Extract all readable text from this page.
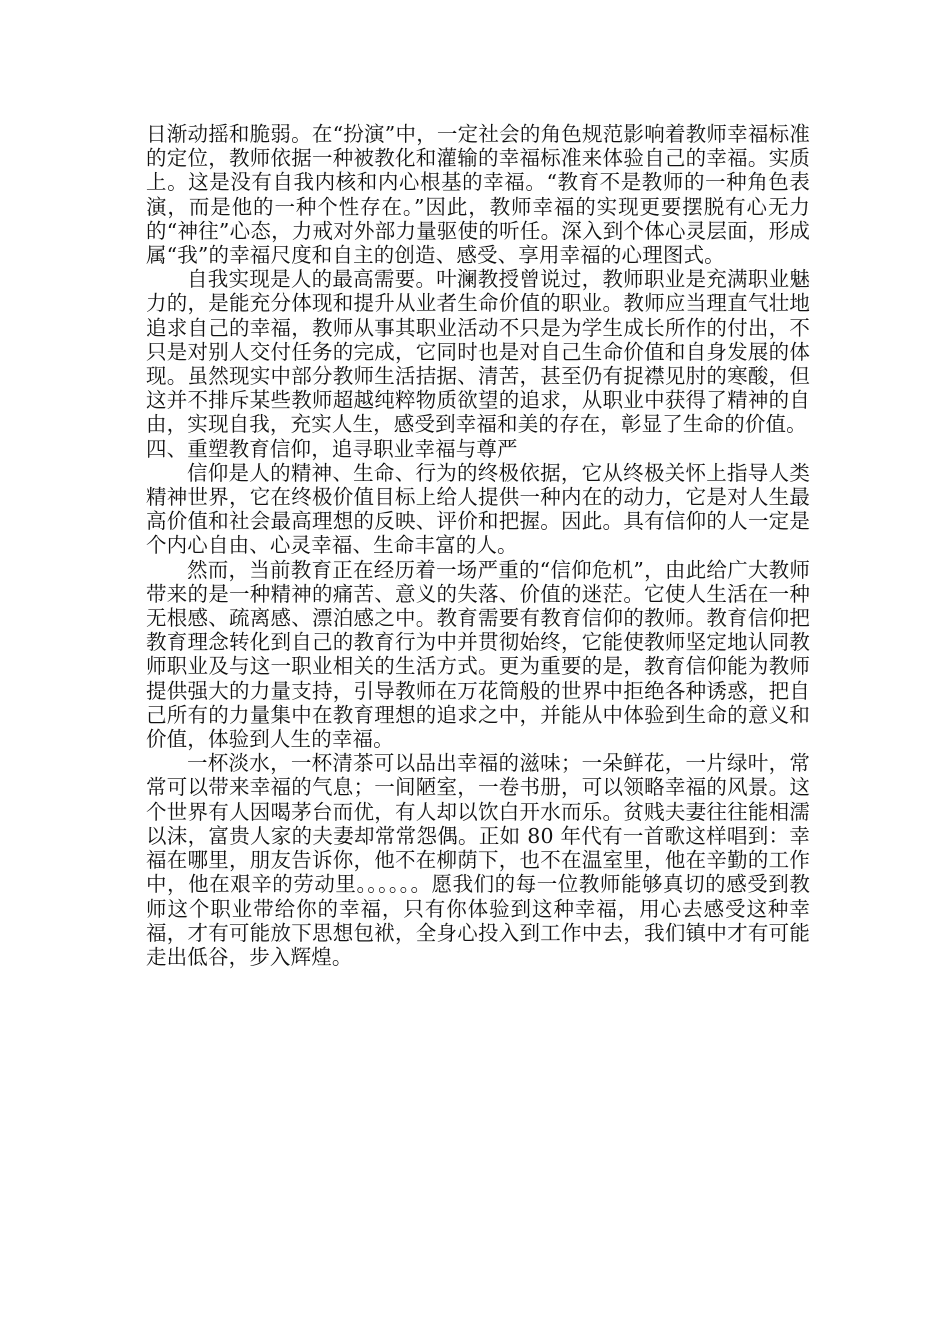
日渐动摇和脆弱。在“扮演”中，一定社会的角色规范影响着教师幸福标准的定位，教师依据一种被教化和灌输的幸福标准来体验自己的幸福。实质上。这是没有自我内核和内心根基的幸福。“教育不是教师的一种角色表演，而是他的一种个性存在。”因此，教师幸福的实现更要摆脱有心无力的“神往”心态，力戒对外部力量驱使的听任。深入到个体心灵层面，形成属“我”的幸福尺度和自主的创造、感受、享用幸福的心理图式。

自我实现是人的最高需要。叶澜教授曾说过，教师职业是充满职业魅力的，是能充分体现和提升从业者生命价值的职业。教师应当理直气壮地追求自己的幸福，教师从事其职业活动不只是为学生成长所作的付出，不只是对别人交付任务的完成，它同时也是对自己生命价值和自身发展的体现。虽然现实中部分教师生活拮据、清苦，甚至仍有捉襟见肘的寒酸，但这并不排斥某些教师超越纯粹物质欲望的追求，从职业中获得了精神的自由，实现自我，充实人生，感受到幸福和美的存在，彰显了生命的价值。

四、重塑教育信仰，追寻职业幸福与尊严

信仰是人的精神、生命、行为的终极依据，它从终极关怀上指导人类精神世界，它在终极价值目标上给人提供一种内在的动力，它是对人生最高价值和社会最高理想的反映、评价和把握。因此。具有信仰的人一定是个内心自由、心灵幸福、生命丰富的人。

然而，当前教育正在经历着一场严重的“信仰危机”，由此给广大教师带来的是一种精神的痛苦、意义的失落、价值的迷茫。它使人生活在一种无根感、疏离感、漂泊感之中。教育需要有教育信仰的教师。教育信仰把教育理念转化到自己的教育行为中并贯彻始终，它能使教师坚定地认同教师职业及与这一职业相关的生活方式。更为重要的是，教育信仰能为教师提供强大的力量支持，引导教师在万花筒般的世界中拒绝各种诱惑，把自己所有的力量集中在教育理想的追求之中，并能从中体验到生命的意义和价值，体验到人生的幸福。

一杯淡水，一杯清茶可以品出幸福的滋味；一朵鲜花，一片绿叶，常常可以带来幸福的气息；一间陋室，一卷书册，可以领略幸福的风景。这个世界有人因喝茅台而优，有人却以饮白开水而乐。贫贱夫妻往往能相濡以沫，富贵人家的夫妻却常常怨偶。正如 80 年代有一首歌这样唱到：幸福在哪里，朋友告诉你，他不在柳荫下，也不在温室里，他在辛勤的工作中，他在艰辛的劳动里。。。。。。愿我们的每一位教师能够真切的感受到教师这个职业带给你的幸福，只有你体验到这种幸福，用心去感受这种幸福，才有可能放下思想包袱，全身心投入到工作中去，我们镇中才有可能走出低谷，步入辉煌。
